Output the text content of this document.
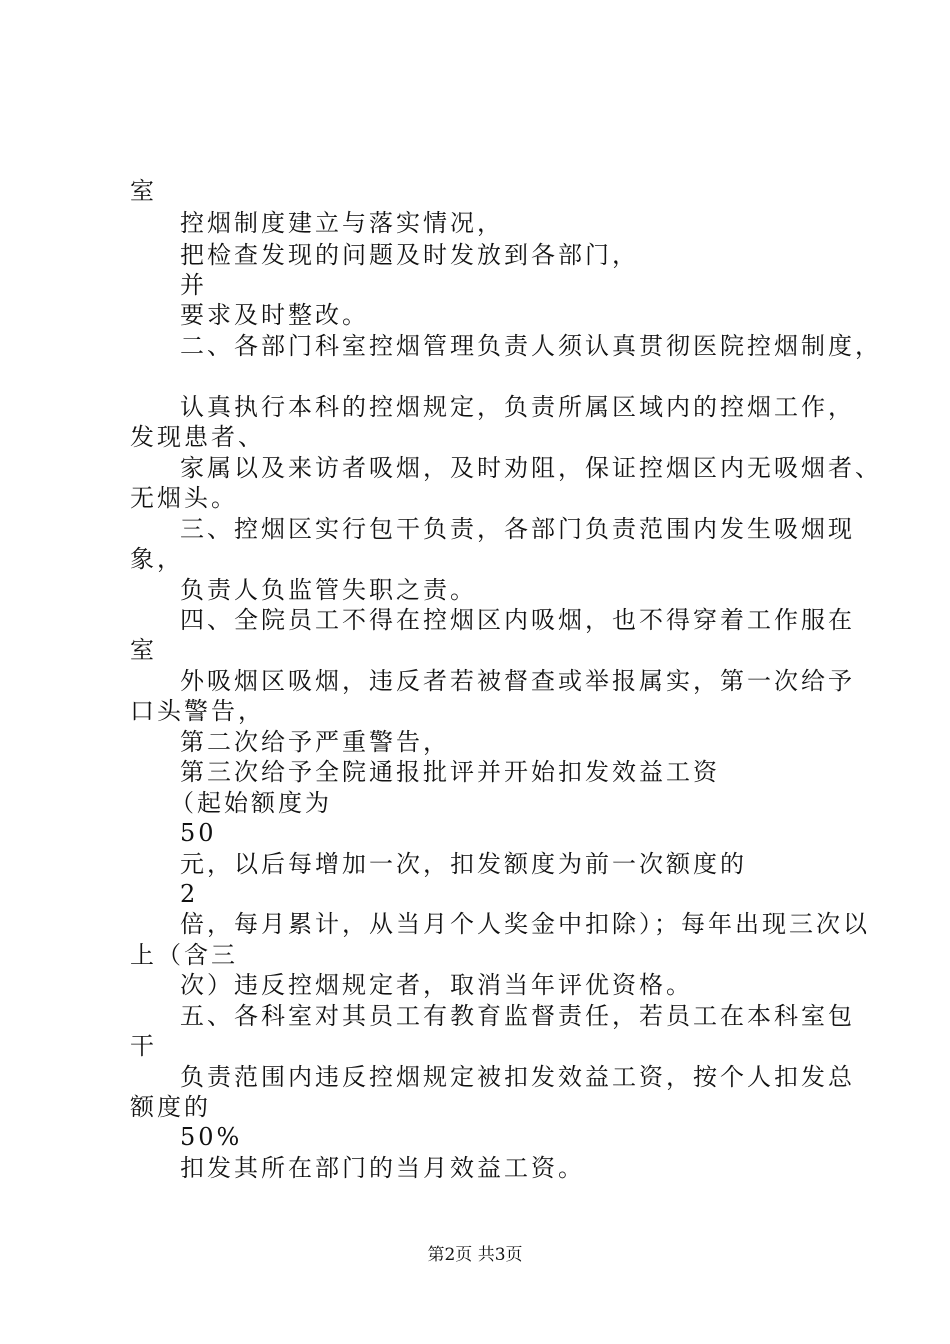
室
控烟制度建立与落实情况，
把检查发现的问题及时发放到各部门，
并
要求及时整改。
二、各部门科室控烟管理负责人须认真贯彻医院控烟制度，
认真执行本科的控烟规定，负责所属区域内的控烟工作，
发现患者、
家属以及来访者吸烟，及时劝阻，保证控烟区内无吸烟者、
无烟头。
三、控烟区实行包干负责，各部门负责范围内发生吸烟现
象，
负责人负监管失职之责。
四、全院员工不得在控烟区内吸烟，也不得穿着工作服在
室
外吸烟区吸烟，违反者若被督查或举报属实，第一次给予
口头警告，
第二次给予严重警告，
第三次给予全院通报批评并开始扣发效益工资
（起始额度为
50
元，以后每增加一次，扣发额度为前一次额度的
2
倍，每月累计，从当月个人奖金中扣除）；每年出现三次以
上（含三
次）违反控烟规定者，取消当年评优资格。
五、各科室对其员工有教育监督责任，若员工在本科室包
干
负责范围内违反控烟规定被扣发效益工资，按个人扣发总
额度的
50%
扣发其所在部门的当月效益工资。
第2页 共3页
